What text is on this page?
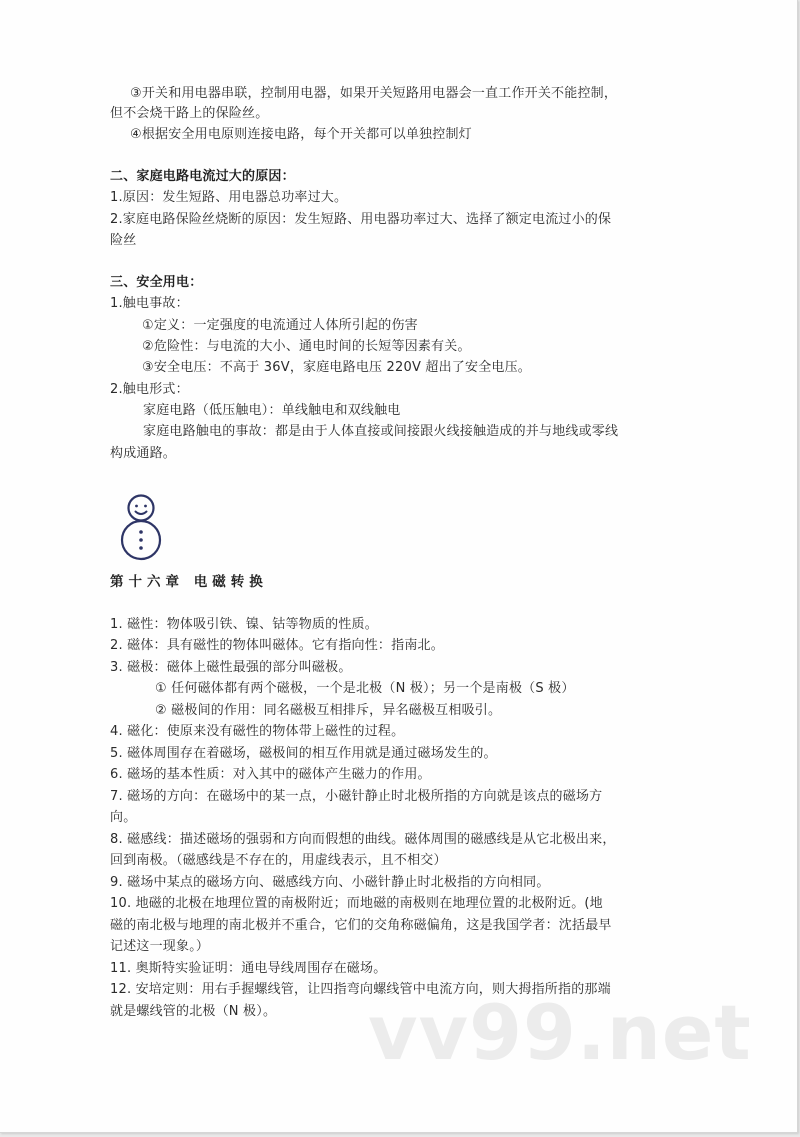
③开关和用电器串联，控制用电器，如果开关短路用电器会一直工作开关不能控制，
但不会烧干路上的保险丝。
④根据安全用电原则连接电路，每个开关都可以单独控制灯
二、家庭电路电流过大的原因：
1.原因：发生短路、用电器总功率过大。
2.家庭电路保险丝烧断的原因：发生短路、用电器功率过大、选择了额定电流过小的保
险丝
三、安全用电：
1.触电事故：
①定义：一定强度的电流通过人体所引起的伤害
②危险性：与电流的大小、通电时间的长短等因素有关。
③安全电压：不高于 36V，家庭电路电压 220V 超出了安全电压。
2.触电形式：
家庭电路（低压触电）：单线触电和双线触电
家庭电路触电的事故：都是由于人体直接或间接跟火线接触造成的并与地线或零线
构成通路。
第十六章 电磁转换
1. 磁性：物体吸引铁、镍、钴等物质的性质。
2. 磁体：具有磁性的物体叫磁体。它有指向性：指南北。
3. 磁极：磁体上磁性最强的部分叫磁极。
① 任何磁体都有两个磁极，一个是北极（N 极）；另一个是南极（S 极）
② 磁极间的作用：同名磁极互相排斥，异名磁极互相吸引。
4. 磁化：使原来没有磁性的物体带上磁性的过程。
5. 磁体周围存在着磁场，磁极间的相互作用就是通过磁场发生的。
6. 磁场的基本性质：对入其中的磁体产生磁力的作用。
7. 磁场的方向：在磁场中的某一点，小磁针静止时北极所指的方向就是该点的磁场方
向。
8. 磁感线：描述磁场的强弱和方向而假想的曲线。磁体周围的磁感线是从它北极出来，
回到南极。（磁感线是不存在的，用虚线表示，且不相交）
9. 磁场中某点的磁场方向、磁感线方向、小磁针静止时北极指的方向相同。
10. 地磁的北极在地理位置的南极附近；而地磁的南极则在地理位置的北极附近。(地
磁的南北极与地理的南北极并不重合，它们的交角称磁偏角，这是我国学者：沈括最早
记述这一现象。）
11. 奥斯特实验证明：通电导线周围存在磁场。
12. 安培定则：用右手握螺线管，让四指弯向螺线管中电流方向，则大拇指所指的那端
就是螺线管的北极（N 极）。 vv99.net
